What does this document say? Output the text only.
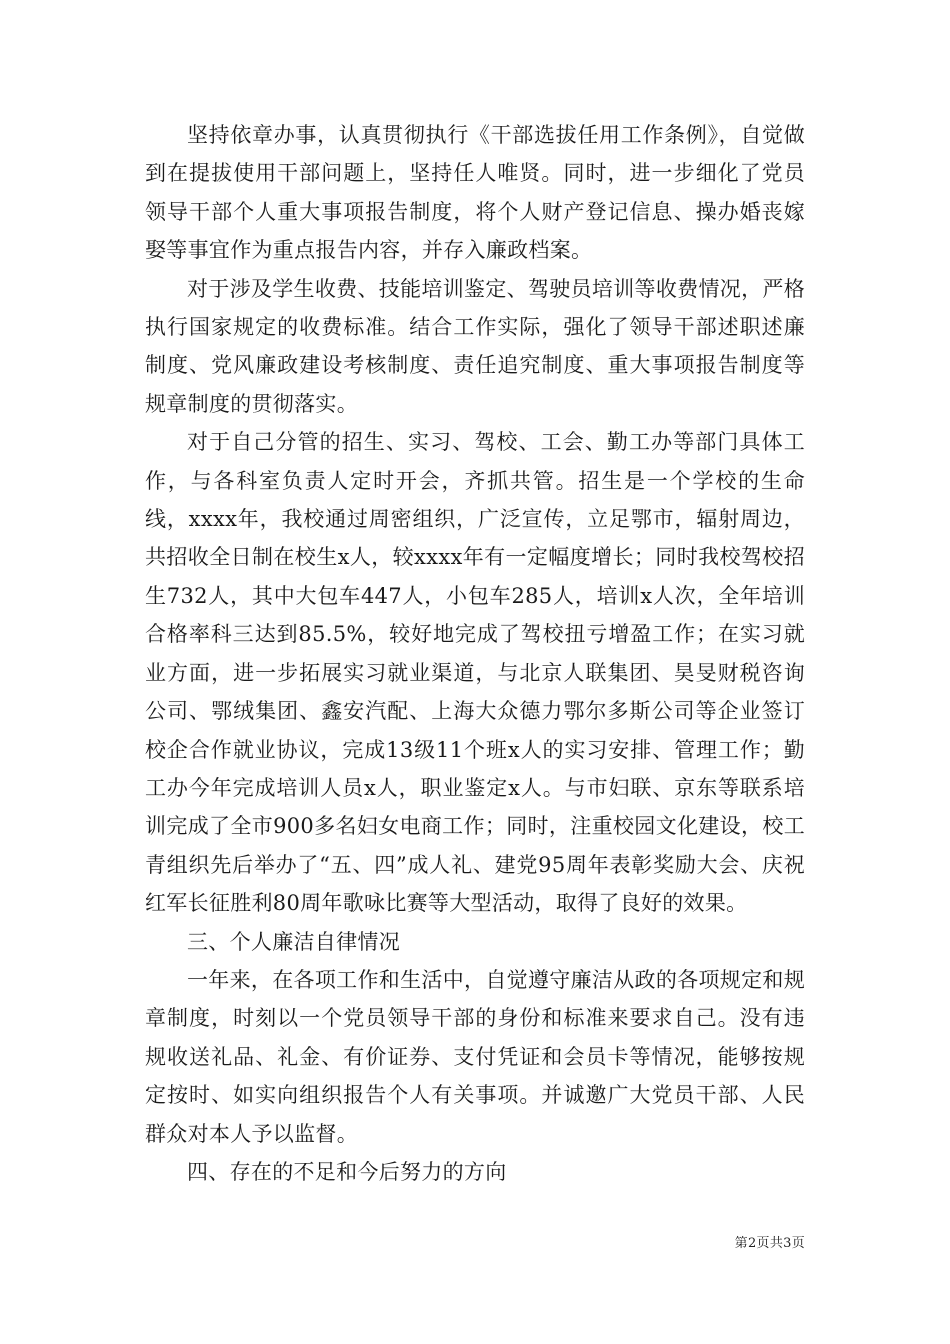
坚持依章办事，认真贯彻执行《干部选拔任用工作条例》，自觉做到在提拔使用干部问题上，坚持任人唯贤。同时，进一步细化了党员领导干部个人重大事项报告制度，将个人财产登记信息、操办婚丧嫁娶等事宜作为重点报告内容，并存入廉政档案。

对于涉及学生收费、技能培训鉴定、驾驶员培训等收费情况，严格执行国家规定的收费标准。结合工作实际，强化了领导干部述职述廉制度、党风廉政建设考核制度、责任追究制度、重大事项报告制度等规章制度的贯彻落实。

对于自己分管的招生、实习、驾校、工会、勤工办等部门具体工作，与各科室负责人定时开会，齐抓共管。招生是一个学校的生命线，xxxx年，我校通过周密组织，广泛宣传，立足鄂市，辐射周边，共招收全日制在校生x人，较xxxx年有一定幅度增长；同时我校驾校招生732人，其中大包车447人，小包车285人，培训x人次，全年培训合格率科三达到85.5%，较好地完成了驾校扭亏增盈工作；在实习就业方面，进一步拓展实习就业渠道，与北京人联集团、昊旻财税咨询公司、鄂绒集团、鑫安汽配、上海大众德力鄂尔多斯公司等企业签订校企合作就业协议，完成13级11个班x人的实习安排、管理工作；勤工办今年完成培训人员x人，职业鉴定x人。与市妇联、京东等联系培训完成了全市900多名妇女电商工作；同时，注重校园文化建设，校工青组织先后举办了“五、四”成人礼、建党95周年表彰奖励大会、庆祝红军长征胜利80周年歌咏比赛等大型活动，取得了良好的效果。

三、个人廉洁自律情况

一年来，在各项工作和生活中，自觉遵守廉洁从政的各项规定和规章制度，时刻以一个党员领导干部的身份和标准来要求自己。没有违规收送礼品、礼金、有价证券、支付凭证和会员卡等情况，能够按规定按时、如实向组织报告个人有关事项。并诚邀广大党员干部、人民群众对本人予以监督。

四、存在的不足和今后努力的方向

第2页共3页
